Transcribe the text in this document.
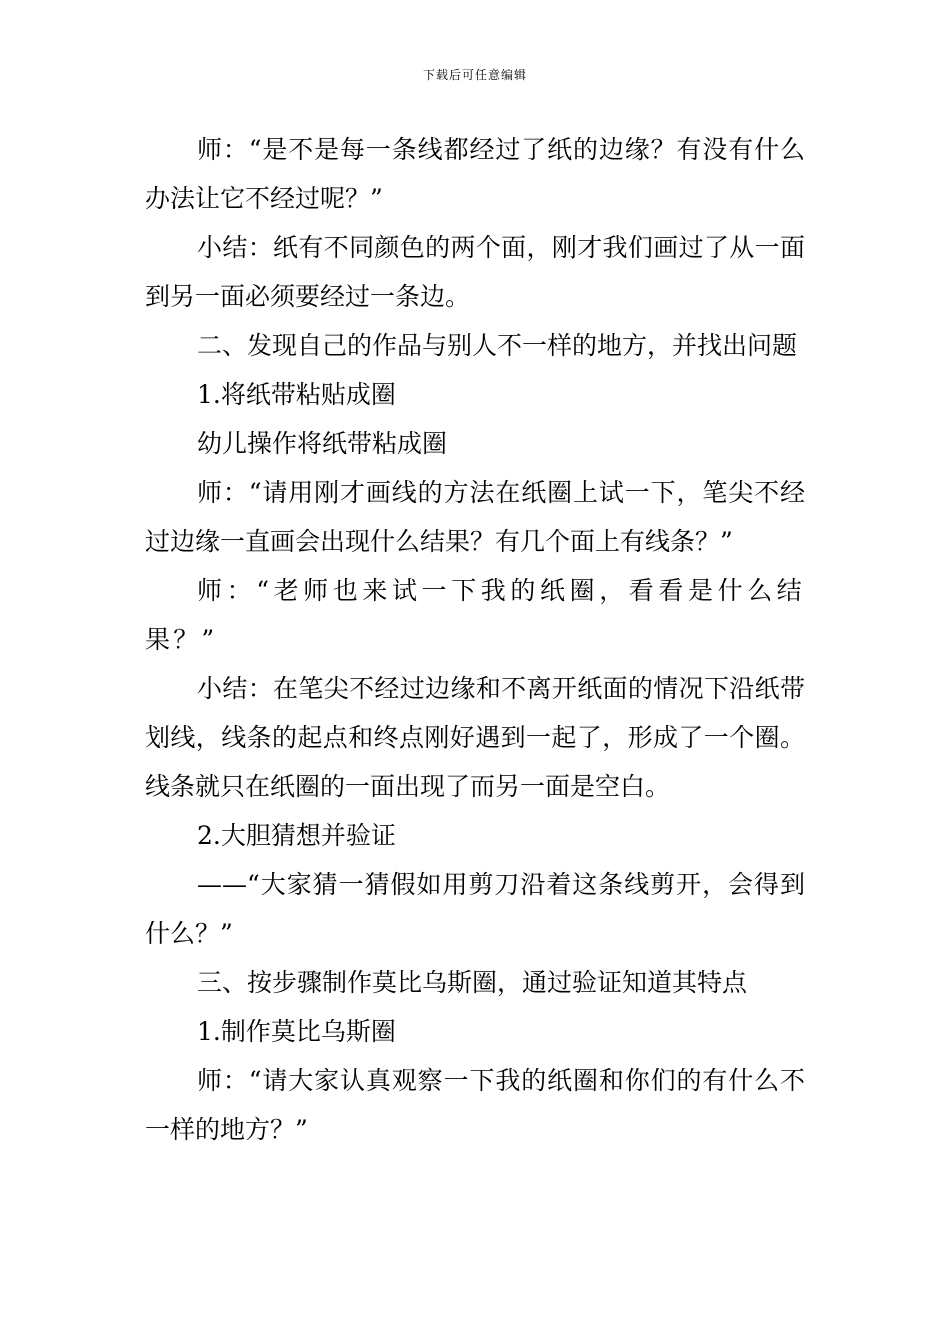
下载后可任意编辑

师：“是不是每一条线都经过了纸的边缘？有没有什么办法让它不经过呢？”

小结：纸有不同颜色的两个面，刚才我们画过了从一面到另一面必须要经过一条边。

二、发现自己的作品与别人不一样的地方，并找出问题

1.将纸带粘贴成圈

幼儿操作将纸带粘成圈

师：“请用刚才画线的方法在纸圈上试一下，笔尖不经过边缘一直画会出现什么结果？有几个面上有线条？”

师：“老师也来试一下我的纸圈，看看是什么结果？”

小结：在笔尖不经过边缘和不离开纸面的情况下沿纸带划线，线条的起点和终点刚好遇到一起了，形成了一个圈。线条就只在纸圈的一面出现了而另一面是空白。

2.大胆猜想并验证

——“大家猜一猜假如用剪刀沿着这条线剪开，会得到什么？”

三、按步骤制作莫比乌斯圈，通过验证知道其特点

1.制作莫比乌斯圈

师：“请大家认真观察一下我的纸圈和你们的有什么不一样的地方？”
